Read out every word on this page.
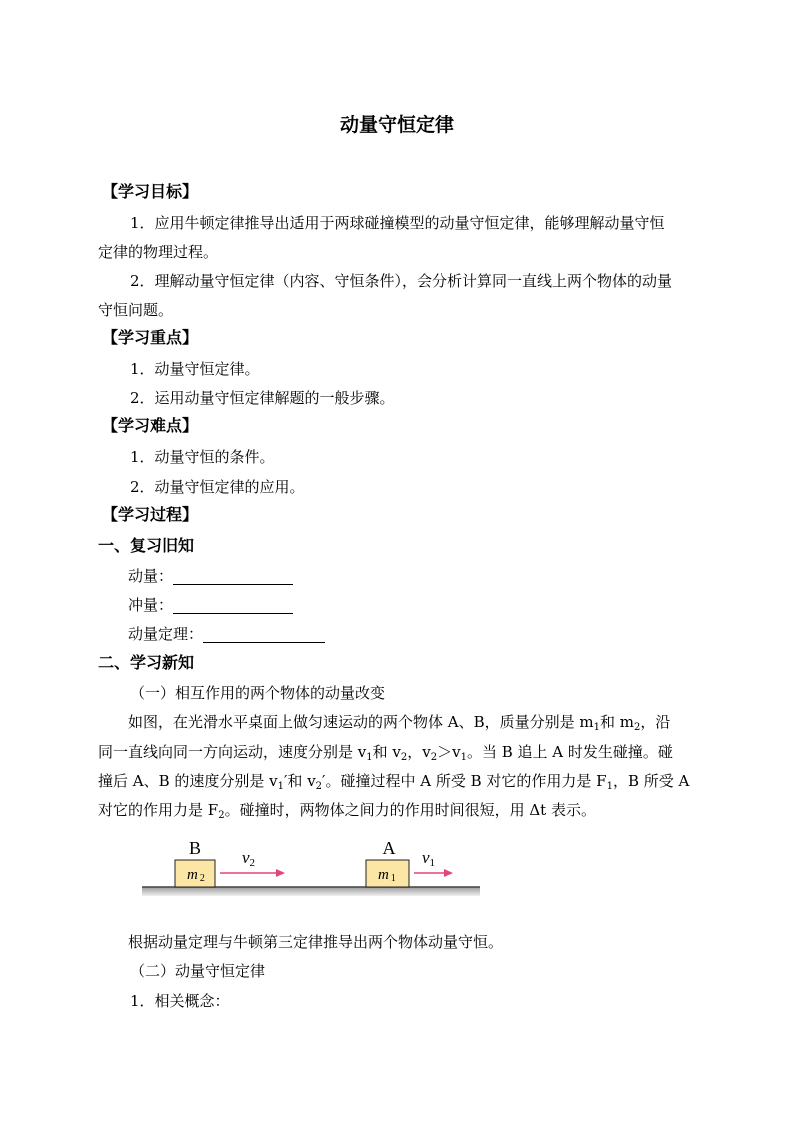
动量守恒定律
【学习目标】
1．应用牛顿定律推导出适用于两球碰撞模型的动量守恒定律，能够理解动量守恒
定律的物理过程。
2．理解动量守恒定律（内容、守恒条件），会分析计算同一直线上两个物体的动量
守恒问题。
【学习重点】
1．动量守恒定律。
2．运用动量守恒定律解题的一般步骤。
【学习难点】
1．动量守恒的条件。
2．动量守恒定律的应用。
【学习过程】
一、复习旧知
动量：
冲量：
动量定理：
二、学习新知
（一）相互作用的两个物体的动量改变
如图，在光滑水平桌面上做匀速运动的两个物体 A、B，质量分别是 $m_1$和 $m_2$，沿
同一直线向同一方向运动，速度分别是 $v_1$和 $v_2$，$v_2>v_1$。当 B 追上 A 时发生碰撞。碰
撞后 A、B 的速度分别是 $v_1'$和 $v_2'$。碰撞过程中 A 所受 B 对它的作用力是 $F_1$，B 所受 A
对它的作用力是 $F_2$。碰撞时，两物体之间力的作用时间很短，用 Δt 表示。
B
m 2
v2
A
m 1
v1
根据动量定理与牛顿第三定律推导出两个物体动量守恒。
（二）动量守恒定律
1．相关概念：
